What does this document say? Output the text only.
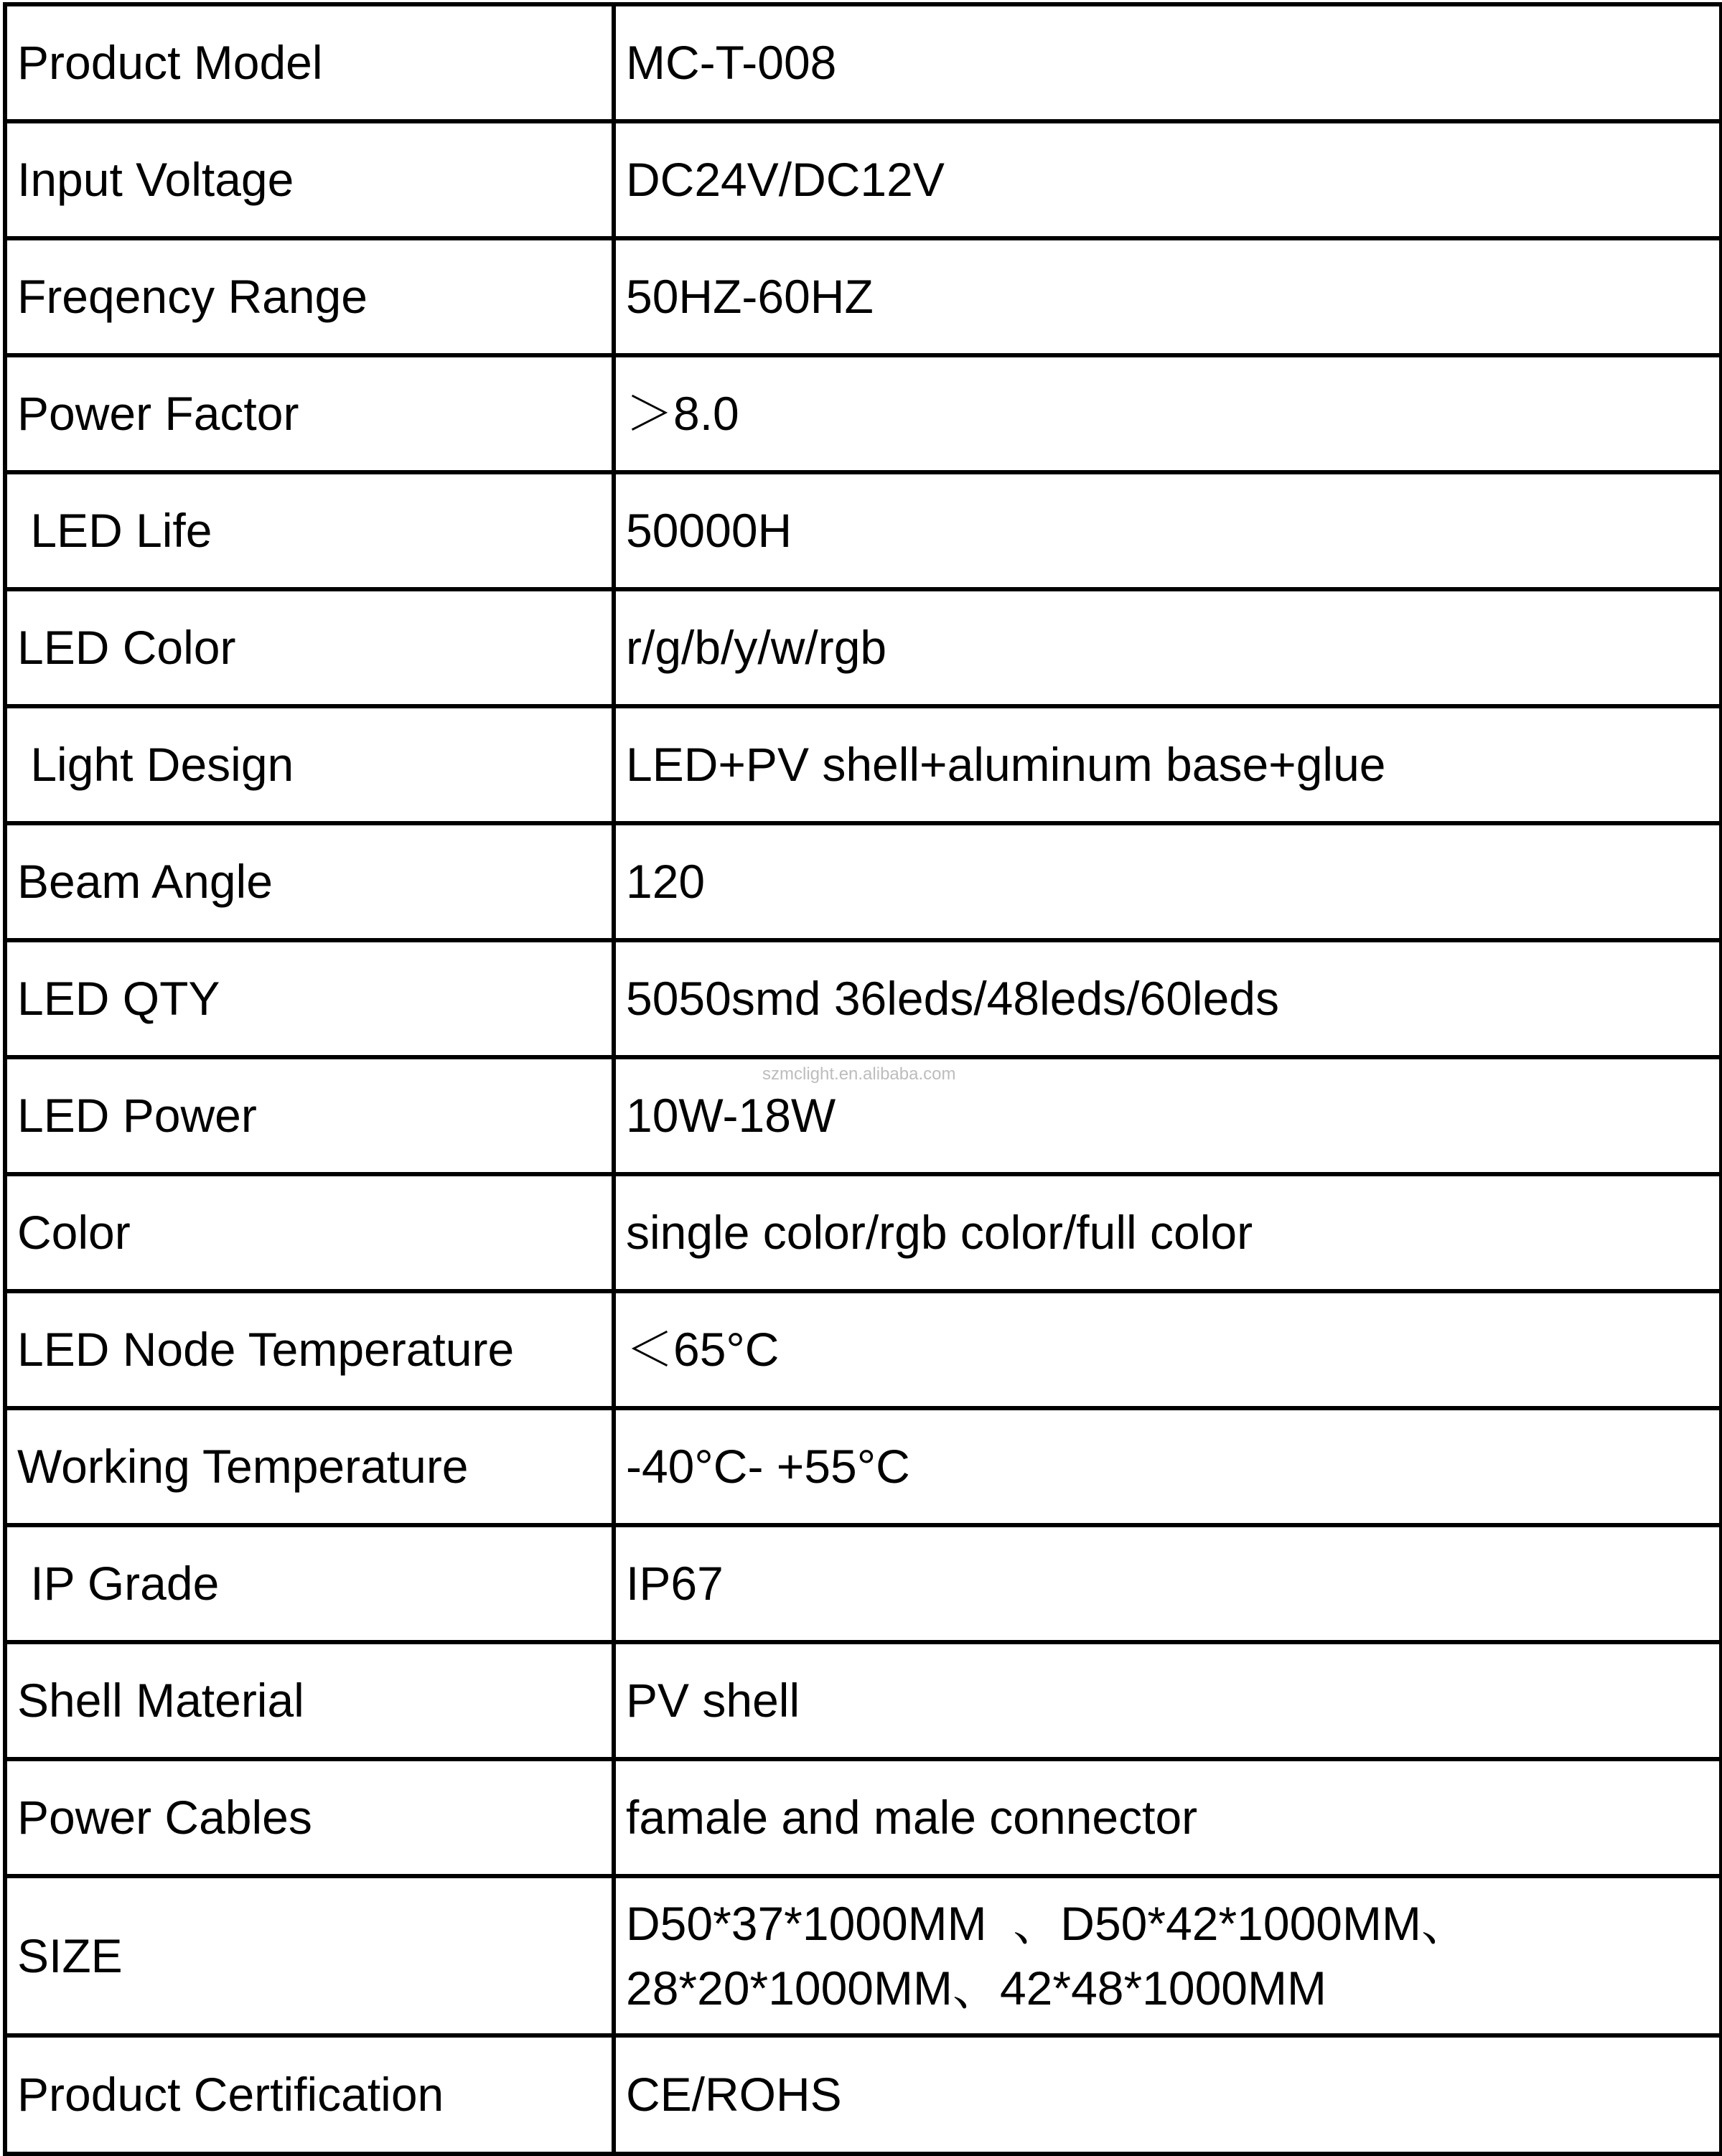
Product Model	MC-T-008
Input Voltage	DC24V/DC12V
Freqency Range	50HZ-60HZ
Power Factor	＞8.0
LED Life	50000H
LED Color	r/g/b/y/w/rgb
Light Design	LED+PV shell+aluminum base+glue
Beam Angle	120
LED QTY	5050smd 36leds/48leds/60leds
LED Power	10W-18W
Color	single color/rgb color/full color
LED Node Temperature	＜65°C
Working Temperature	-40°C- +55°C
IP Grade	IP67
Shell Material	PV shell
Power Cables	famale and male connector
SIZE	D50*37*1000MM  、D50*42*1000MM、
28*20*1000MM、42*48*1000MM
Product Certification	CE/ROHS
szmclight.en.alibaba.com
